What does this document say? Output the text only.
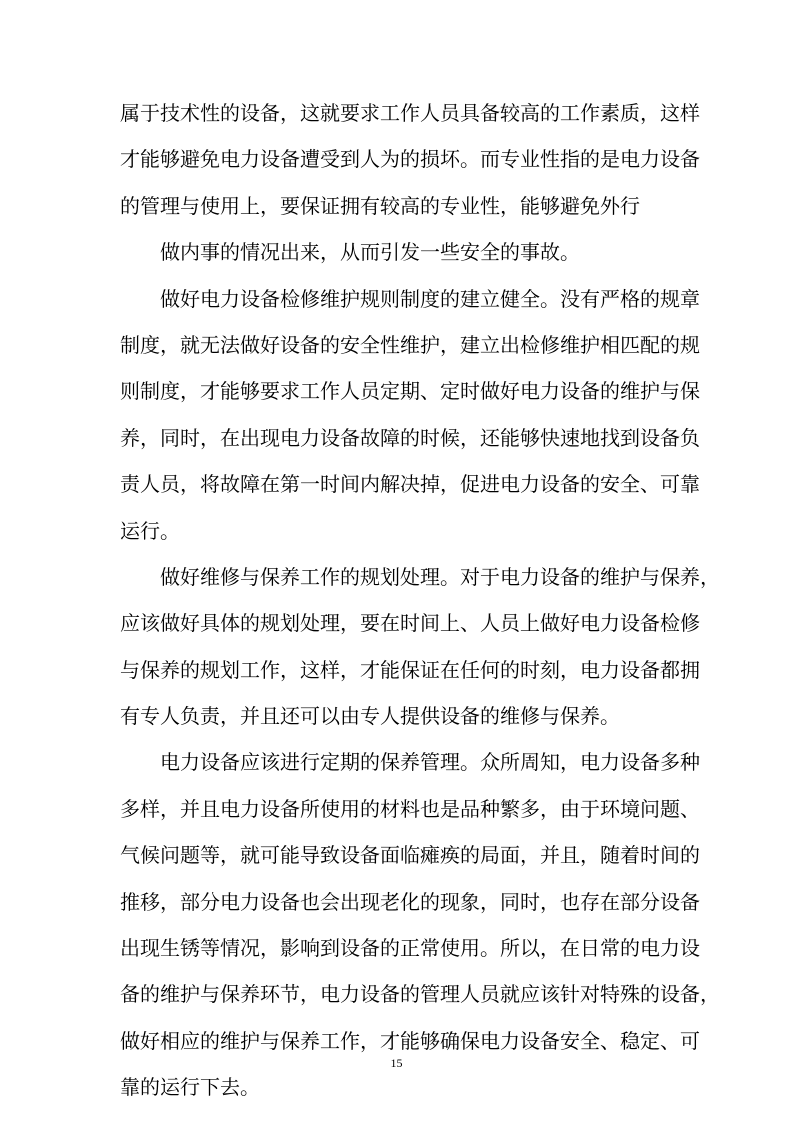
属于技术性的设备，这就要求工作人员具备较高的工作素质，这样
才能够避免电力设备遭受到人为的损坏。而专业性指的是电力设备
的管理与使用上，要保证拥有较高的专业性，能够避免外行
做内事的情况出来，从而引发一些安全的事故。
做好电力设备检修维护规则制度的建立健全。没有严格的规章
制度，就无法做好设备的安全性维护，建立出检修维护相匹配的规
则制度，才能够要求工作人员定期、定时做好电力设备的维护与保
养，同时，在出现电力设备故障的时候，还能够快速地找到设备负
责人员，将故障在第一时间内解决掉，促进电力设备的安全、可靠
运行。
做好维修与保养工作的规划处理。对于电力设备的维护与保养，
应该做好具体的规划处理，要在时间上、人员上做好电力设备检修
与保养的规划工作，这样，才能保证在任何的时刻，电力设备都拥
有专人负责，并且还可以由专人提供设备的维修与保养。
电力设备应该进行定期的保养管理。众所周知，电力设备多种
多样，并且电力设备所使用的材料也是品种繁多，由于环境问题、
气候问题等，就可能导致设备面临瘫痪的局面，并且，随着时间的
推移，部分电力设备也会出现老化的现象，同时，也存在部分设备
出现生锈等情况，影响到设备的正常使用。所以，在日常的电力设
备的维护与保养环节，电力设备的管理人员就应该针对特殊的设备，
做好相应的维护与保养工作，才能够确保电力设备安全、稳定、可
靠的运行下去。
15
